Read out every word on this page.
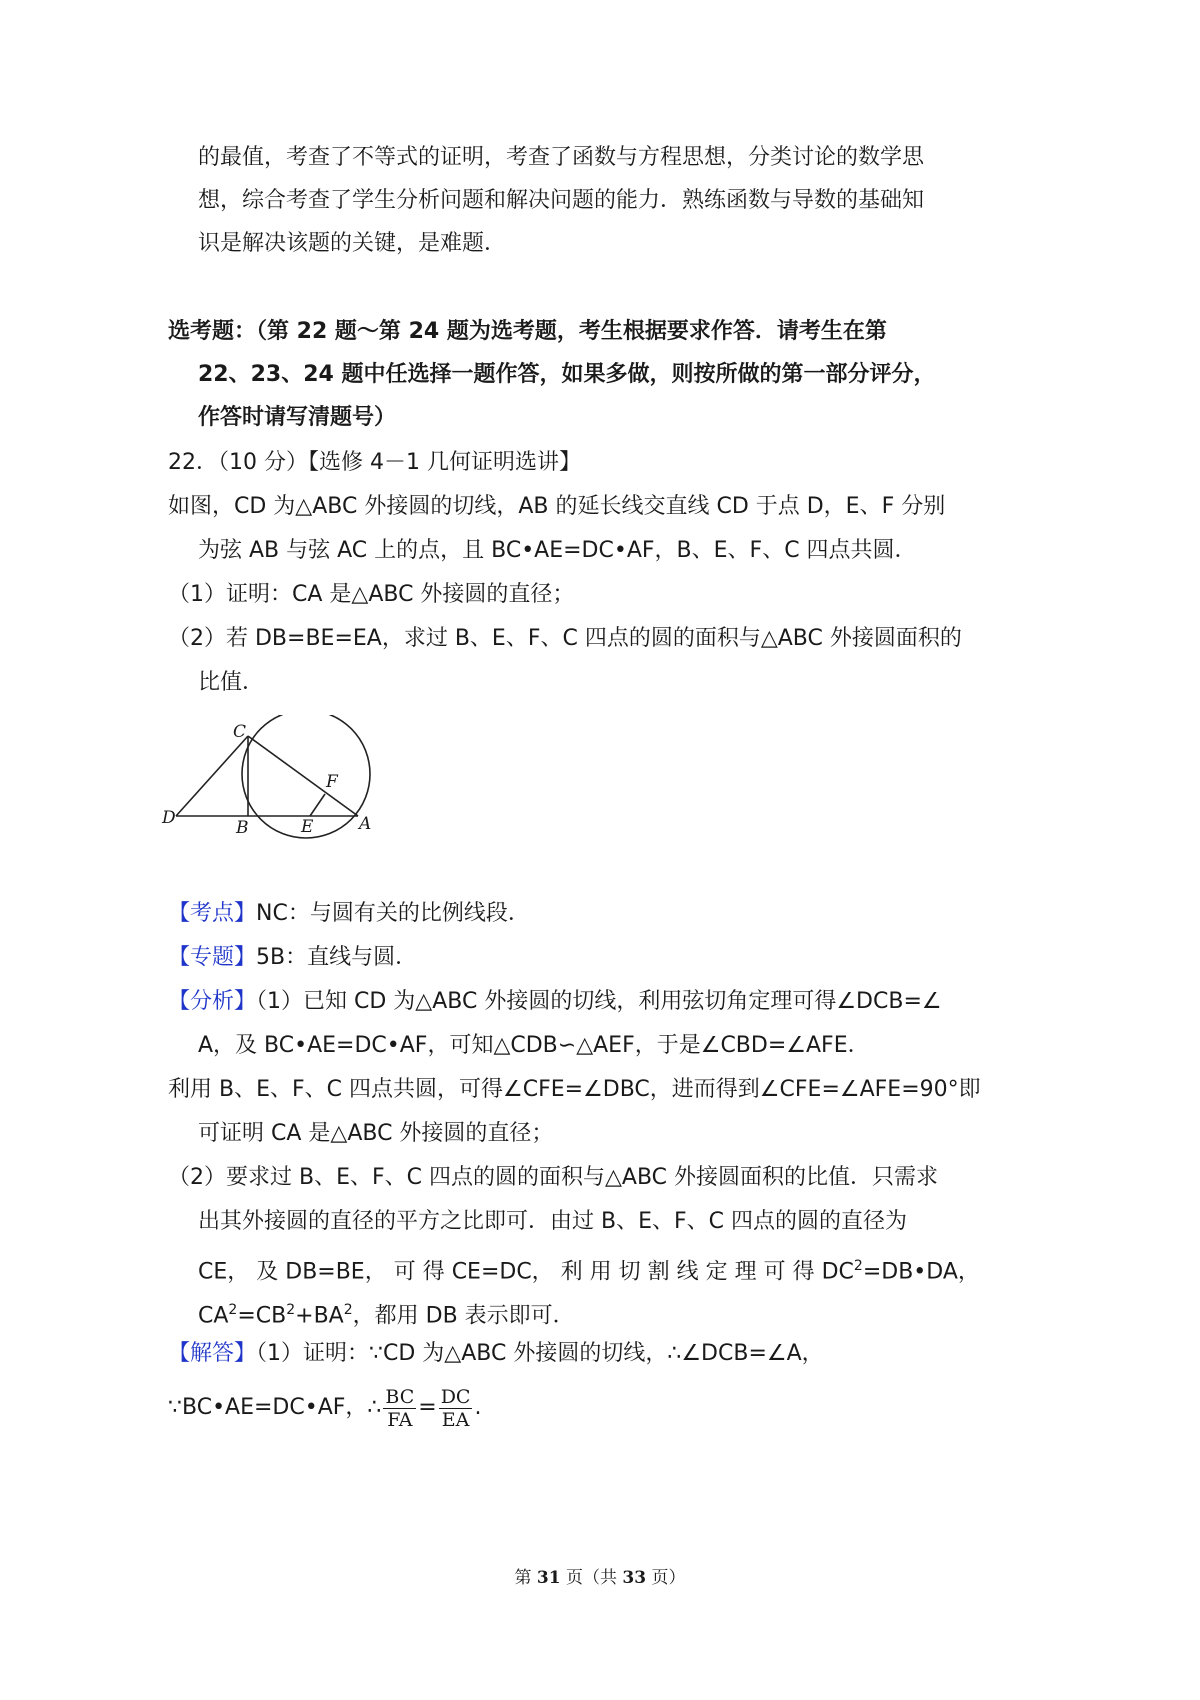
的最值，考查了不等式的证明，考查了函数与方程思想，分类讨论的数学思
想，综合考查了学生分析问题和解决问题的能力．熟练函数与导数的基础知
识是解决该题的关键，是难题．
选考题：（第 22 题～第 24 题为选考题，考生根据要求作答．请考生在第
22、23、24 题中任选择一题作答，如果多做，则按所做的第一部分评分，
作答时请写清题号）
22．（10 分）【选修 4－1 几何证明选讲】
如图，CD 为△ABC 外接圆的切线，AB 的延长线交直线 CD 于点 D，E、F 分别
为弦 AB 与弦 AC 上的点，且 BC•AE=DC•AF，B、E、F、C 四点共圆．
（1）证明：CA 是△ABC 外接圆的直径；
（2）若 DB=BE=EA，求过 B、E、F、C 四点的圆的面积与△ABC 外接圆面积的
比值．
C
F
D	B	E	A
【考点】NC：与圆有关的比例线段．
【专题】5B：直线与圆．
【分析】（1）已知 CD 为△ABC 外接圆的切线，利用弦切角定理可得∠DCB=∠
A，及 BC•AE=DC•AF，可知△CDB∽△AEF，于是∠CBD=∠AFE．
利用 B、E、F、C 四点共圆，可得∠CFE=∠DBC，进而得到∠CFE=∠AFE=90°即
可证明 CA 是△ABC 外接圆的直径；
（2）要求过 B、E、F、C 四点的圆的面积与△ABC 外接圆面积的比值．只需求
出其外接圆的直径的平方之比即可．由过 B、E、F、C 四点的圆的直径为
CE， 及 DB=BE， 可 得 CE=DC， 利 用 切 割 线 定 理 可 得 $DC^2=DB•DA$，
$CA^2=CB^2+BA^2$，都用 DB 表示即可．
【解答】（1）证明：∵CD 为△ABC 外接圆的切线，∴∠DCB=∠A，
∵BC•AE=DC•AF，∴ $\frac{BC}{FA} = \frac{DC}{EA}$ .
第 31 页（共 33 页）
